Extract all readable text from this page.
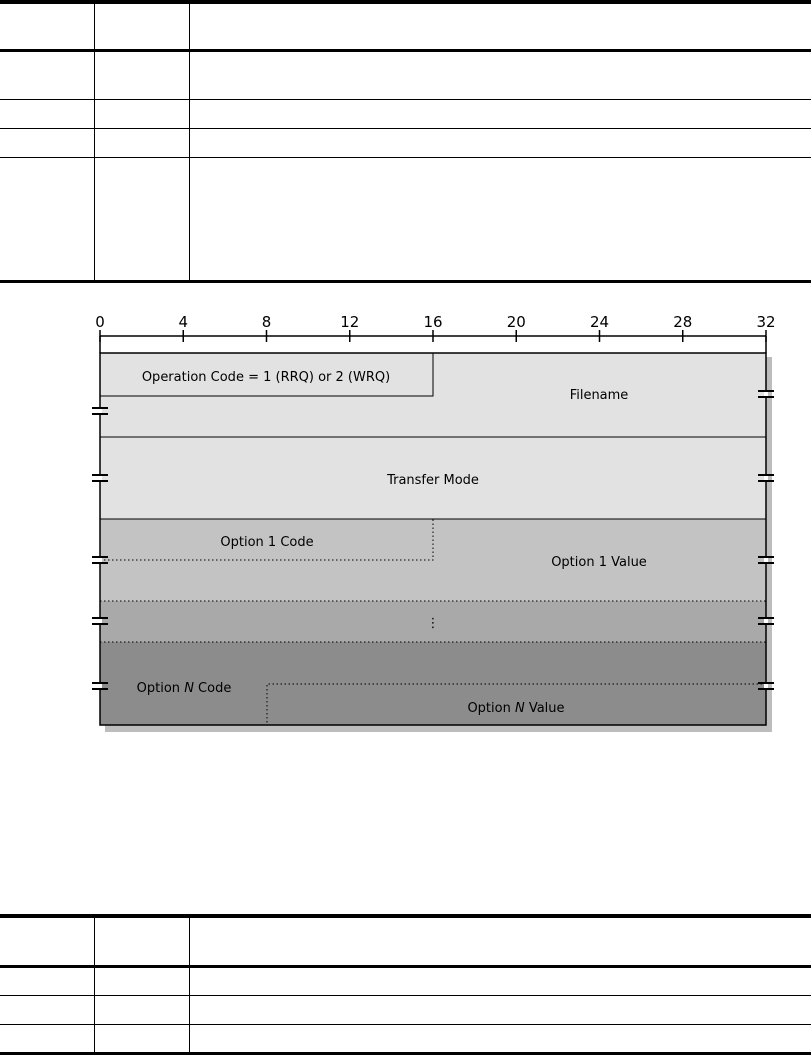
0	4	8	12	16	20	24	28	32
Operation Code = 1 (RRQ) or 2 (WRQ)
Filename
Transfer Mode
Option 1 Code
Option 1 Value
⋮
Option N Code
Option N Value
